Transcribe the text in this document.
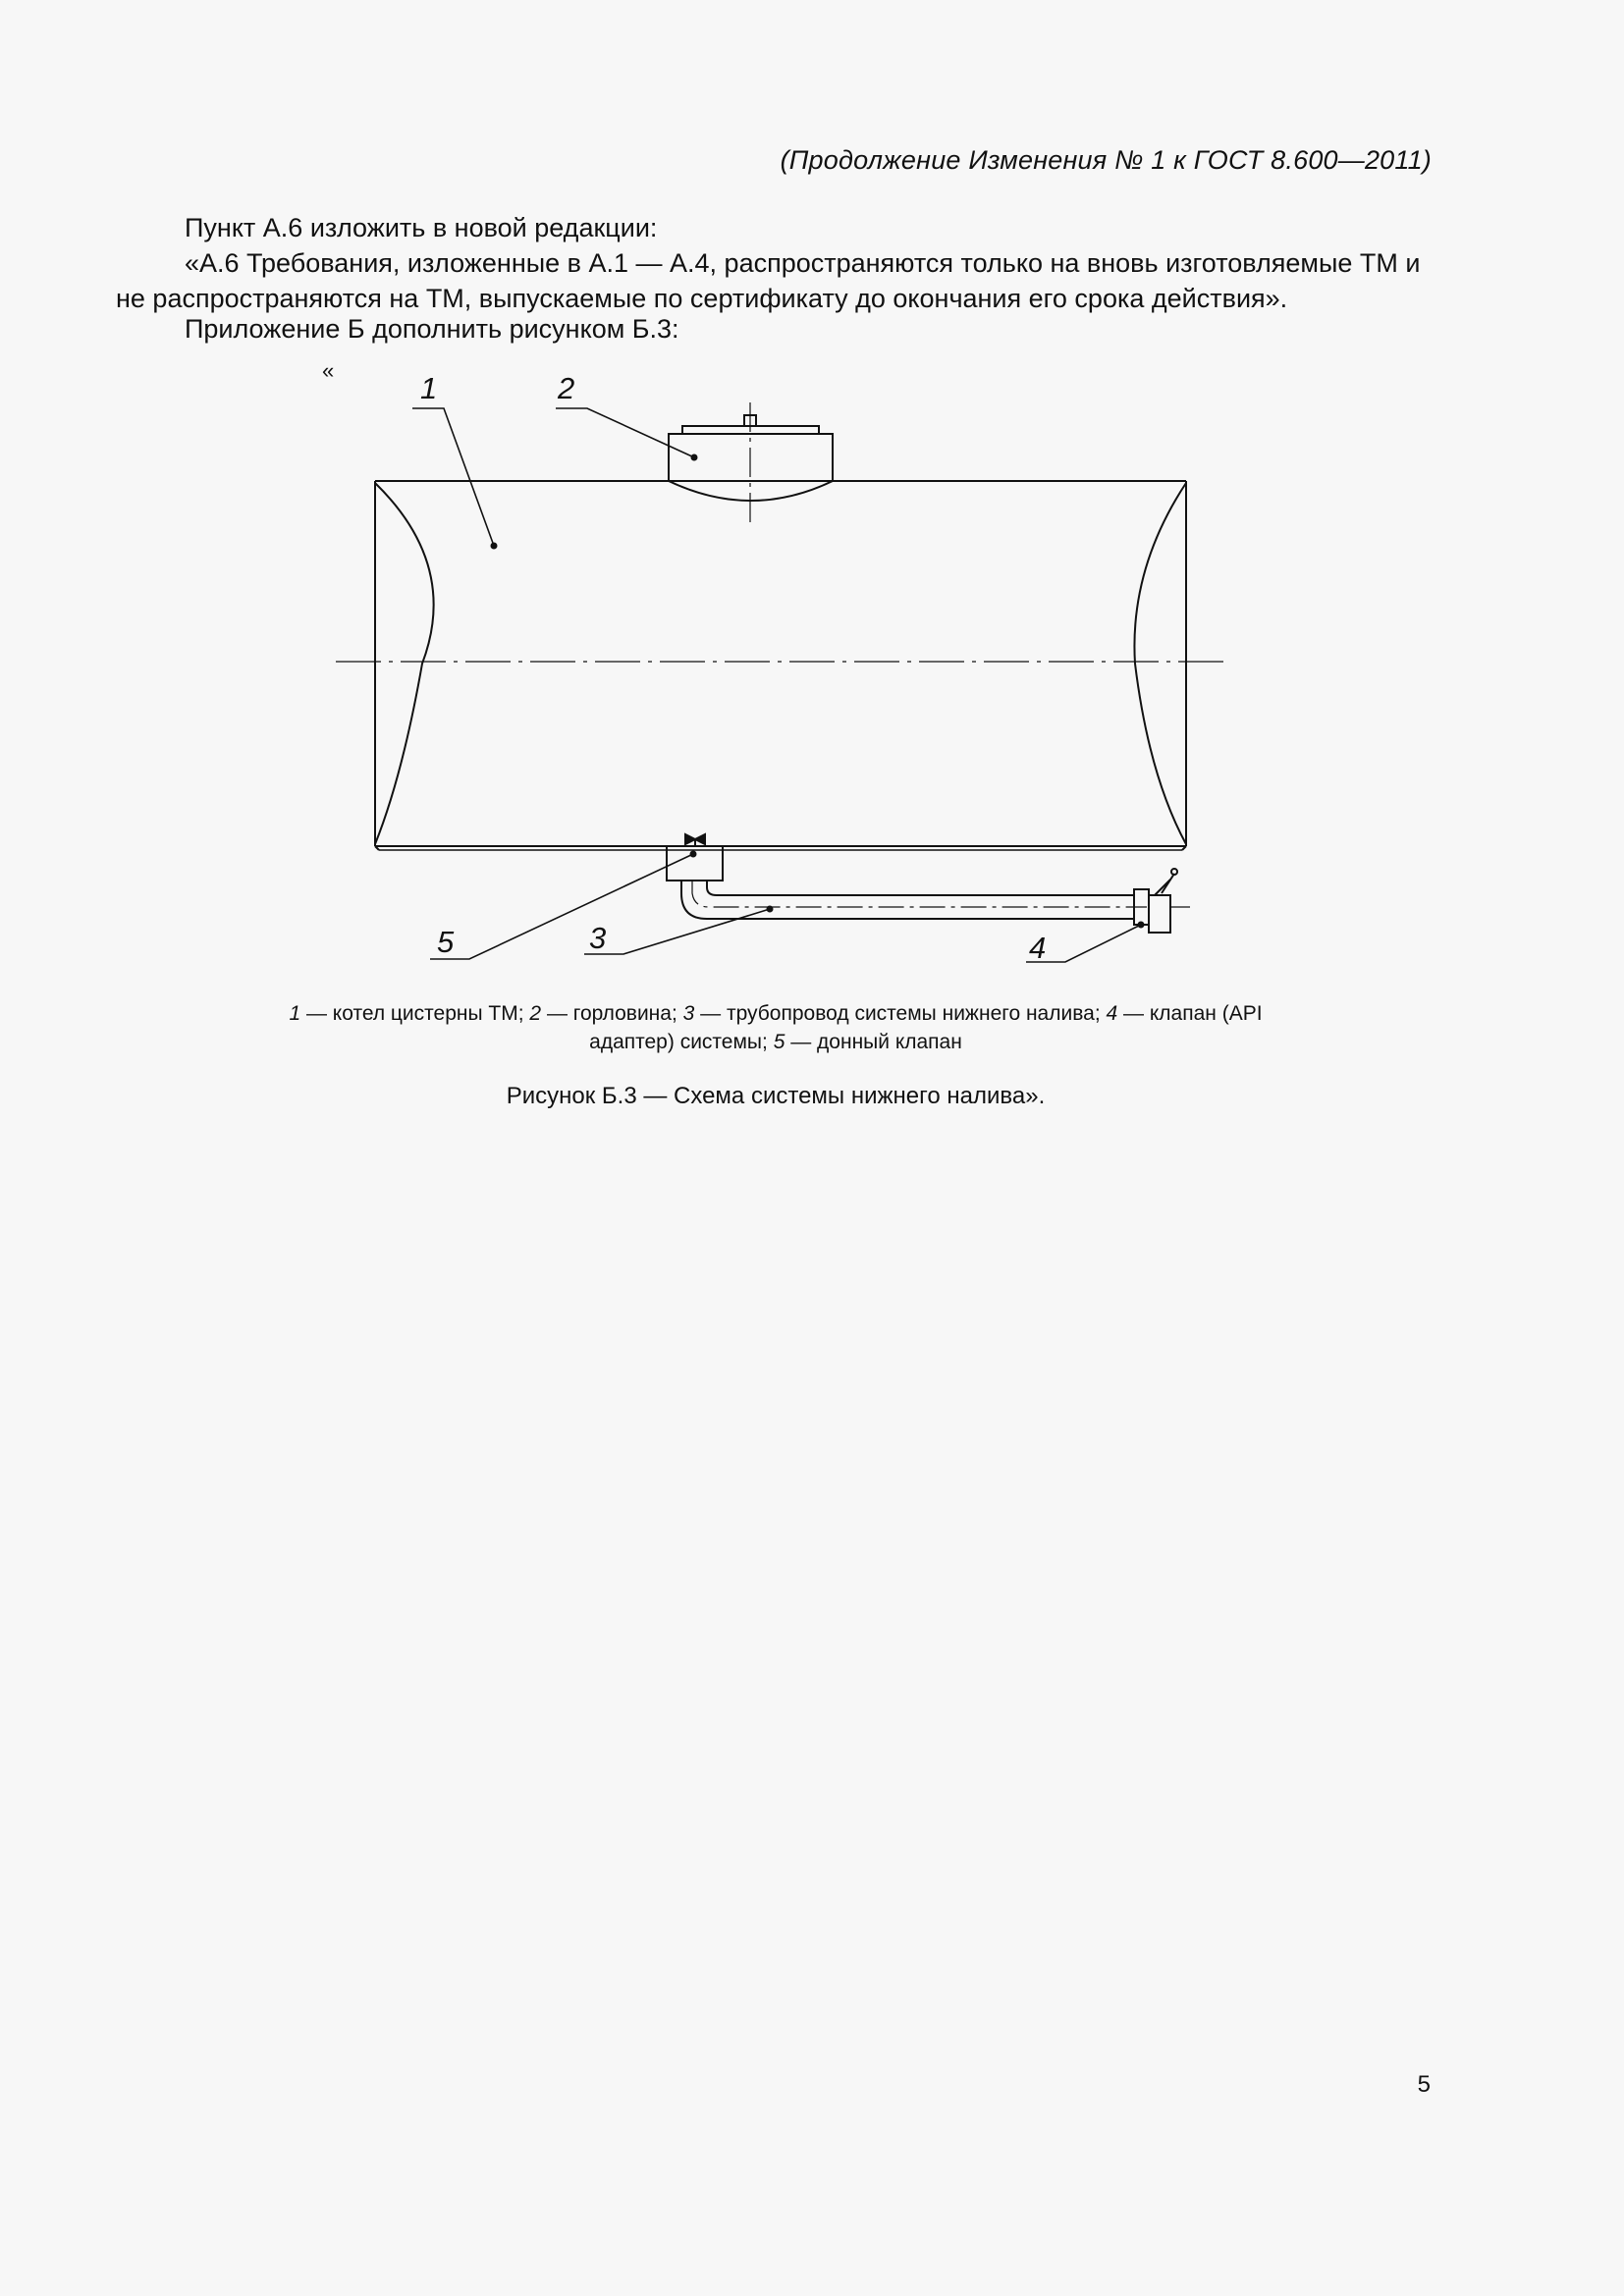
(Продолжение Изменения № 1 к ГОСТ 8.600—2011)

Пункт А.6 изложить в новой редакции:

«А.6 Требования, изложенные в А.1 — А.4, распространяются только на вновь изготовляемые ТМ и не распространяются на ТМ, выпускаемые по сертификату до окончания его срока действия».

Приложение Б дополнить рисунком Б.3:

«
1	2
5	3	4
1 — котел цистерны ТМ; 2 — горловина; 3 — трубопровод системы нижнего налива; 4 — клапан (API адаптер) системы; 5 — донный клапан
Рисунок Б.3 — Схема системы нижнего налива».
5
